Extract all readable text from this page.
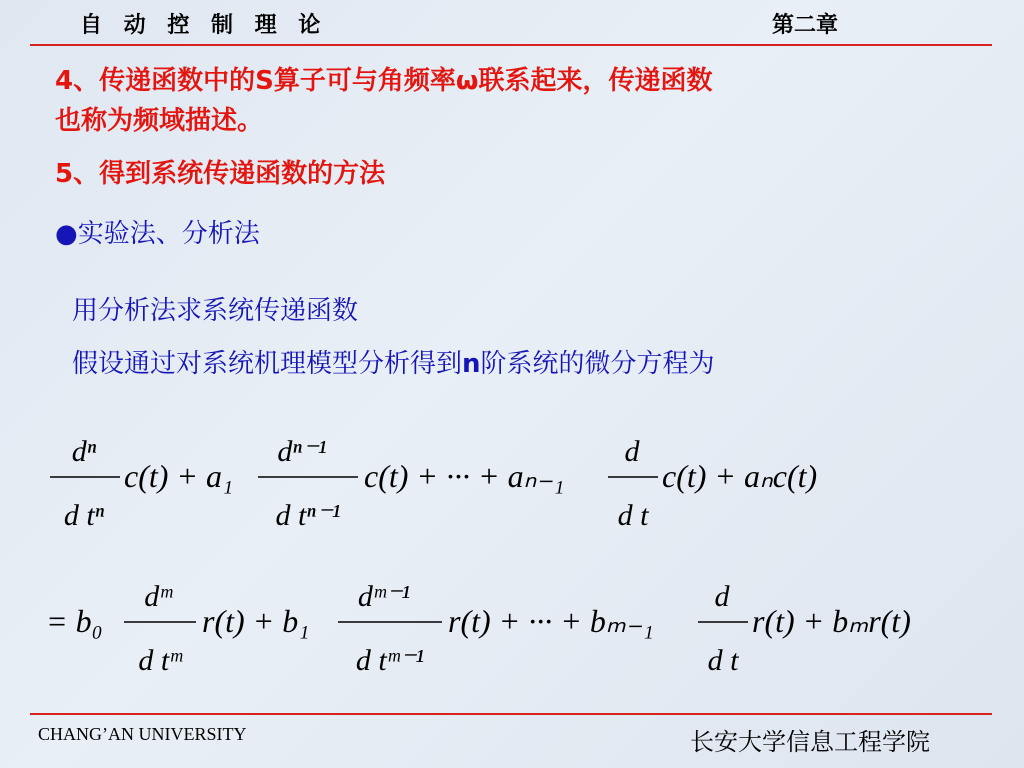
自 动 控 制 理 论	第二章
4、传递函数中的S算子可与角频率ω联系起来，传递函数
也称为频域描述。
5、得到系统传递函数的方法
●实验法、分析法
用分析法求系统传递函数
假设通过对系统机理模型分析得到n阶系统的微分方程为
dⁿ
d tⁿ
c(t) + a₁
dⁿ⁻¹
d tⁿ⁻¹
c(t) + ··· + aₙ₋₁
d
d t
c(t) + aₙc(t)
= b₀
dᵐ
d tᵐ
r(t) + b₁
dᵐ⁻¹
d tᵐ⁻¹
r(t) + ··· + bₘ₋₁
d
d t
r(t) + bₘr(t)
CHANG’AN UNIVERSITY	长安大学信息工程学院
